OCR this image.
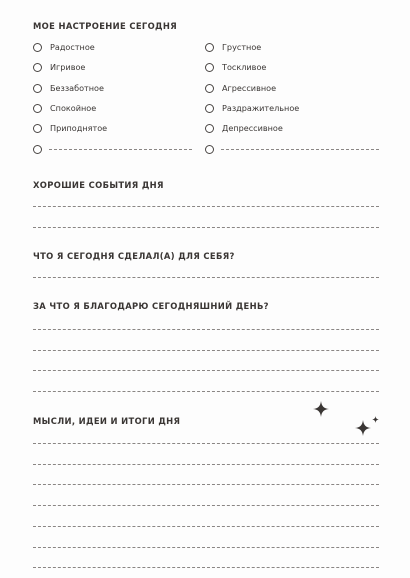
МОЕ НАСТРОЕНИЕ СЕГОДНЯ
Радостное
Игривое
Беззаботное
Спокойное
Приподнятое
Грустное
Тоскливое
Агрессивное
Раздражительное
Депрессивное
ХОРОШИЕ СОБЫТИЯ ДНЯ
ЧТО Я СЕГОДНЯ СДЕЛАЛ(А) ДЛЯ СЕБЯ?
ЗА ЧТО Я БЛАГОДАРЮ СЕГОДНЯШНИЙ ДЕНЬ?
МЫСЛИ, ИДЕИ И ИТОГИ ДНЯ
